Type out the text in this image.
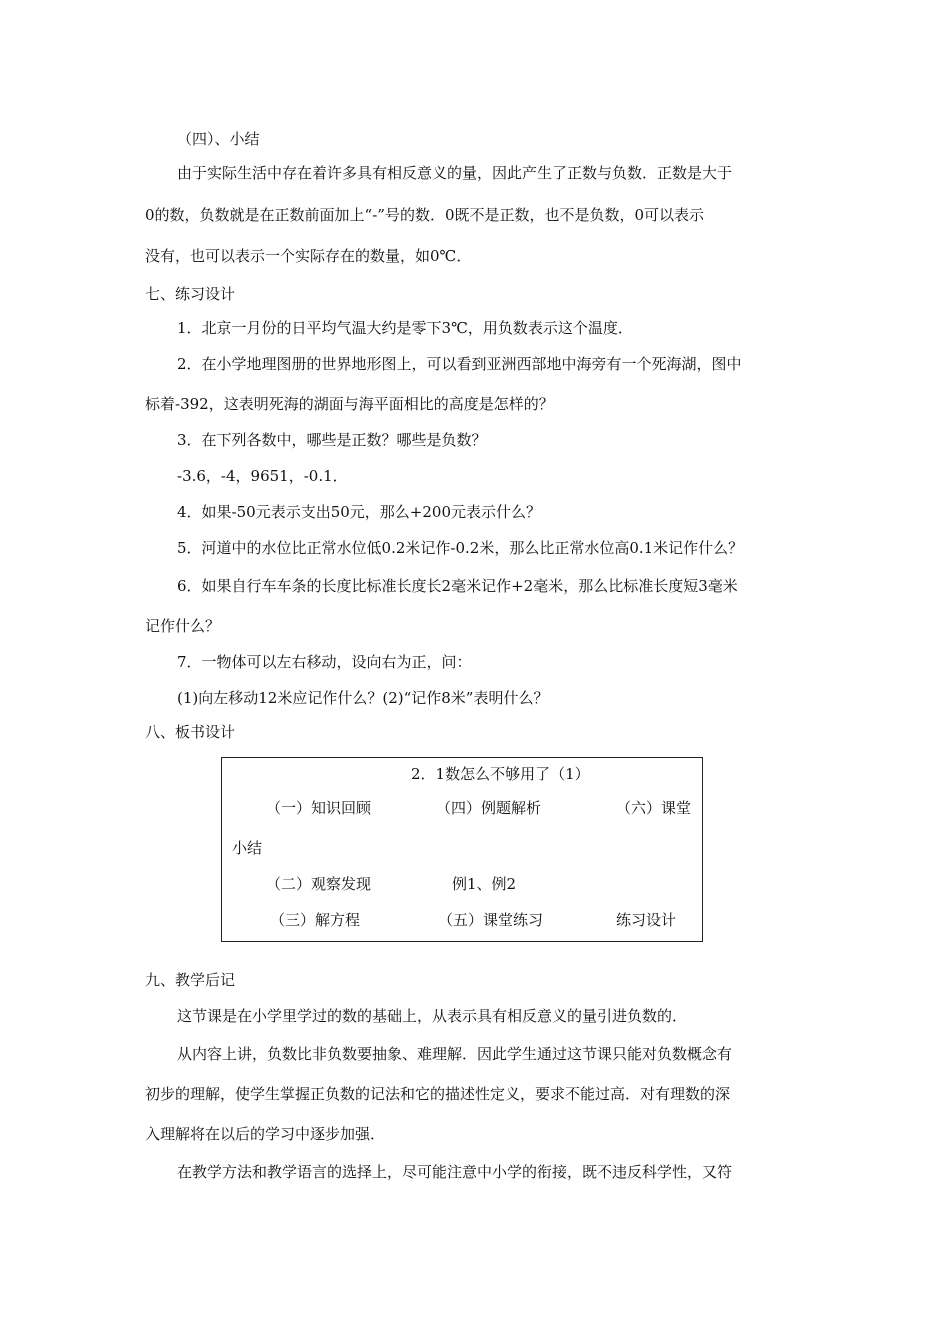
（四）、小结
由于实际生活中存在着许多具有相反意义的量，因此产生了正数与负数．正数是大于
0的数，负数就是在正数前面加上“-”号的数．0既不是正数，也不是负数，0可以表示
没有，也可以表示一个实际存在的数量，如0℃．
七、练习设计
1．北京一月份的日平均气温大约是零下3℃，用负数表示这个温度．
2．在小学地理图册的世界地形图上，可以看到亚洲西部地中海旁有一个死海湖，图中
标着-392，这表明死海的湖面与海平面相比的高度是怎样的？
3．在下列各数中，哪些是正数？哪些是负数？
-3.6，-4，9651，-0.1．
4．如果-50元表示支出50元，那么+200元表示什么？
5．河道中的水位比正常水位低0.2米记作-0.2米，那么比正常水位高0.1米记作什么？
6．如果自行车车条的长度比标准长度长2毫米记作+2毫米，那么比标准长度短3毫米
记作什么？
7．一物体可以左右移动，设向右为正，问：
(1)向左移动12米应记作什么？(2)“记作8米”表明什么？
八、板书设计
2．1数怎么不够用了（1）
（一）知识回顾	（四）例题解析	（六）课堂
小结
（二）观察发现	例1、例2
（三）解方程	（五）课堂练习	练习设计
九、教学后记
这节课是在小学里学过的数的基础上，从表示具有相反意义的量引进负数的．
从内容上讲，负数比非负数要抽象、难理解．因此学生通过这节课只能对负数概念有
初步的理解，使学生掌握正负数的记法和它的描述性定义，要求不能过高．对有理数的深
入理解将在以后的学习中逐步加强．
在教学方法和教学语言的选择上，尽可能注意中小学的衔接，既不违反科学性，又符
